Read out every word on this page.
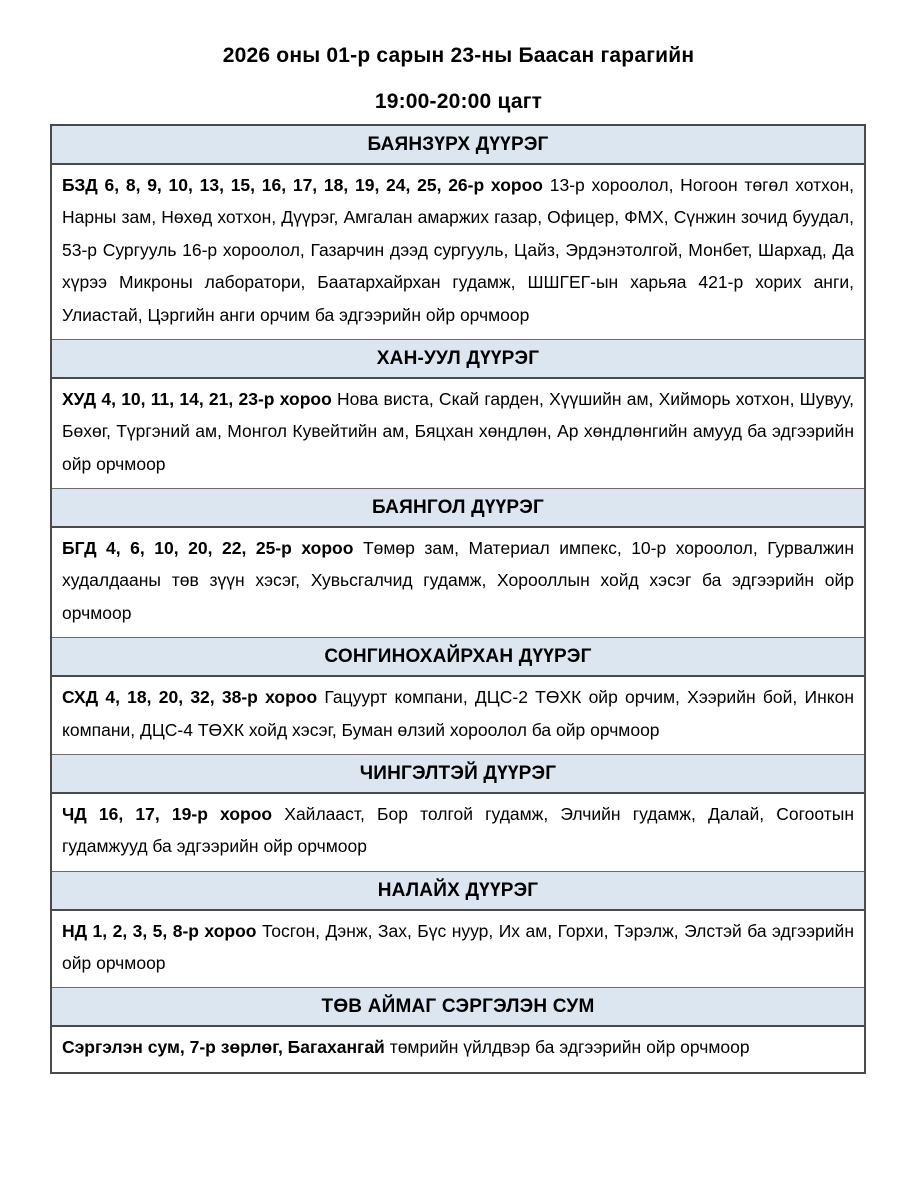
2026 оны 01-р сарын 23-ны Баасан гарагийн

19:00-20:00 цагт

БАЯНЗҮРХ ДҮҮРЭГ

БЗД 6, 8, 9, 10, 13, 15, 16, 17, 18, 19, 24, 25, 26-р хороо 13-р хороолол, Ногоон төгөл хотхон, Нарны зам, Нөхөд хотхон, Дүүрэг, Амгалан амаржих газар, Офицер, ФМХ, Сүнжин зочид буудал, 53-р Сургууль 16-р хороолол, Газарчин дээд сургууль, Цайз, Эрдэнэтолгой, Монбет, Шархад, Да хүрээ Микроны лаборатори, Баатархайрхан гудамж, ШШГЕГ-ын харьяа 421-р хорих анги, Улиастай, Цэргийн анги орчим ба эдгээрийн ойр орчмоор

ХАН-УУЛ ДҮҮРЭГ

ХУД 4, 10, 11, 14, 21, 23-р хороо Нова виста, Скай гарден, Хүүшийн ам, Хийморь хотхон, Шувуу, Бөхөг, Түргэний ам, Монгол Кувейтийн ам, Бяцхан хөндлөн, Ар хөндлөнгийн амууд ба эдгээрийн ойр орчмоор

БАЯНГОЛ ДҮҮРЭГ

БГД 4, 6, 10, 20, 22, 25-р хороо Төмөр зам, Материал импекс, 10-р хороолол, Гурвалжин худалдааны төв зүүн хэсэг, Хувьсгалчид гудамж, Хорооллын хойд хэсэг ба эдгээрийн ойр орчмоор

СОНГИНОХАЙРХАН ДҮҮРЭГ

СХД 4, 18, 20, 32, 38-р хороо Гацуурт компани, ДЦС-2 ТӨХК ойр орчим, Хээрийн бой, Инкон компани, ДЦС-4 ТӨХК хойд хэсэг, Буман өлзий хороолол ба ойр орчмоор

ЧИНГЭЛТЭЙ ДҮҮРЭГ

ЧД 16, 17, 19-р хороо Хайлааст, Бор толгой гудамж, Элчийн гудамж, Далай, Согоотын гудамжууд ба эдгээрийн ойр орчмоор

НАЛАЙХ ДҮҮРЭГ

НД 1, 2, 3, 5, 8-р хороо Тосгон, Дэнж, Зах, Бүс нуур, Их ам, Горхи, Тэрэлж, Элстэй ба эдгээрийн ойр орчмоор

ТӨВ АЙМАГ СЭРГЭЛЭН СУМ

Сэргэлэн сум, 7-р зөрлөг, Багахангай төмрийн үйлдвэр ба эдгээрийн ойр орчмоор
